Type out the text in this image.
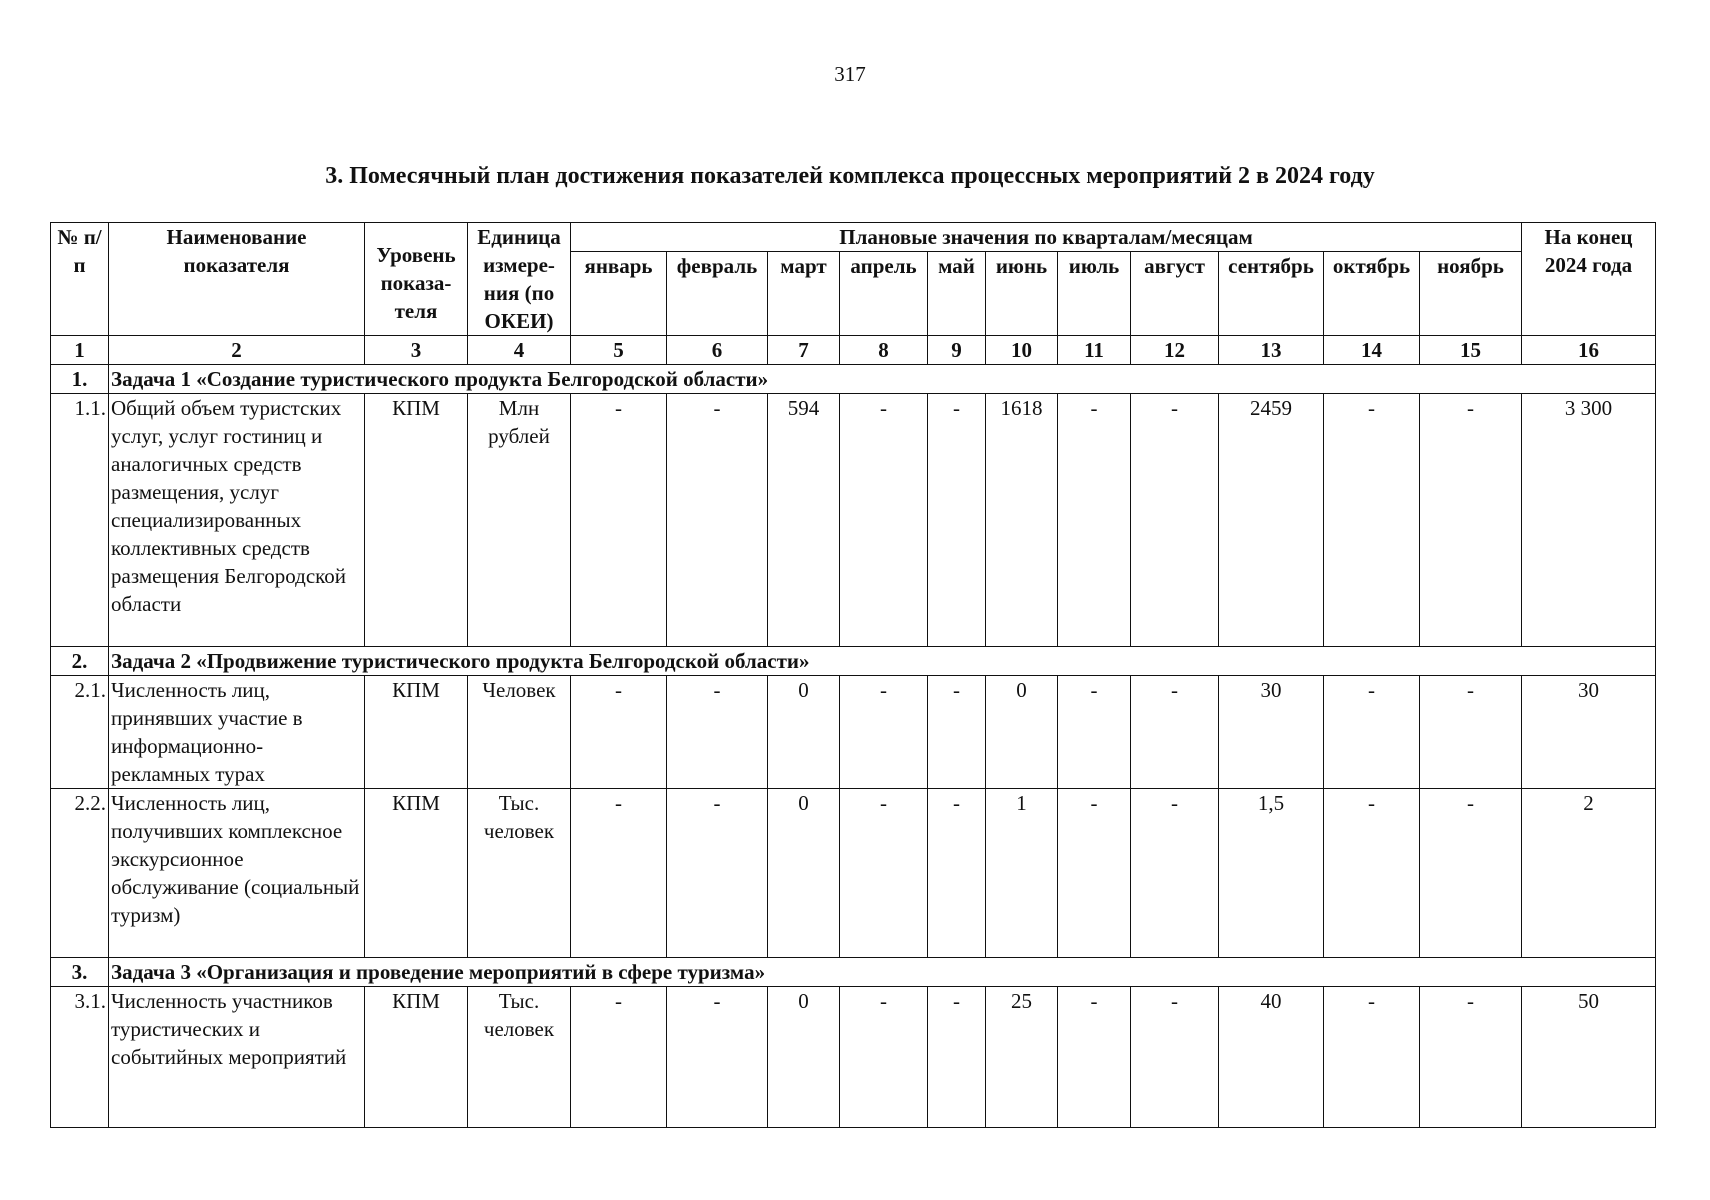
317
3. Помесячный план достижения показателей комплекса процессных мероприятий 2 в 2024 году
№ п/п	Наименование показателя	Уровень показа-теля	Единица измере-ния (по ОКЕИ)	Плановые значения по кварталам/месяцам											На конец 2024 года
				январь	февраль	март	апрель	май	июнь	июль	август	сентябрь	октябрь	ноябрь	
1	2	3	4	5	6	7	8	9	10	11	12	13	14	15	16
1.	Задача 1 «Создание туристического продукта Белгородской области»														
1.1.	Общий объем туристских услуг, услуг гостиниц и аналогичных средств размещения, услуг специализированных коллективных средств размещения Белгородской области	КПМ	Млн рублей	-	-	594	-	-	1618	-	-	2459	-	-	3 300
2.	Задача 2 «Продвижение туристического продукта Белгородской области»														
2.1.	Численность лиц, принявших участие в информационно-рекламных турах	КПМ	Человек	-	-	0	-	-	0	-	-	30	-	-	30
2.2.	Численность лиц, получивших комплексное экскурсионное обслуживание (социальный туризм)	КПМ	Тыс. человек	-	-	0	-	-	1	-	-	1,5	-	-	2
3.	Задача 3 «Организация и проведение мероприятий в сфере туризма»														
3.1.	Численность участников туристических и событийных мероприятий	КПМ	Тыс. человек	-	-	0	-	-	25	-	-	40	-	-	50
